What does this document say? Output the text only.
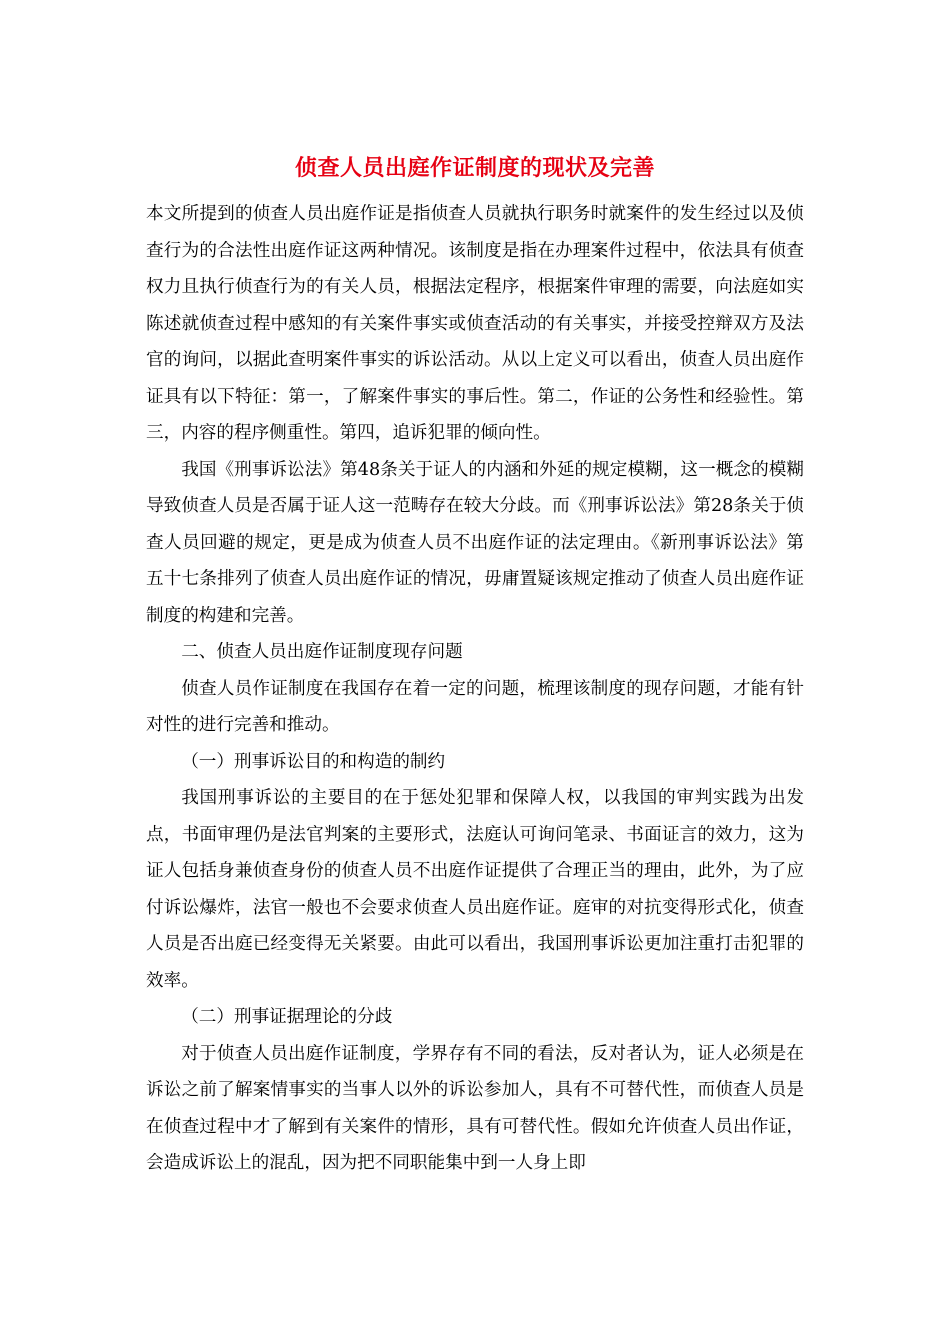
侦查人员出庭作证制度的现状及完善

本文所提到的侦查人员出庭作证是指侦查人员就执行职务时就案件的发生经过以及侦查行为的合法性出庭作证这两种情况。该制度是指在办理案件过程中，依法具有侦查权力且执行侦查行为的有关人员，根据法定程序，根据案件审理的需要，向法庭如实陈述就侦查过程中感知的有关案件事实或侦查活动的有关事实，并接受控辩双方及法官的询问，以据此查明案件事实的诉讼活动。从以上定义可以看出，侦查人员出庭作证具有以下特征：第一，了解案件事实的事后性。第二，作证的公务性和经验性。第三，内容的程序侧重性。第四，追诉犯罪的倾向性。

我国《刑事诉讼法》第48条关于证人的内涵和外延的规定模糊，这一概念的模糊导致侦查人员是否属于证人这一范畴存在较大分歧。而《刑事诉讼法》第28条关于侦查人员回避的规定，更是成为侦查人员不出庭作证的法定理由。《新刑事诉讼法》第五十七条排列了侦查人员出庭作证的情况，毋庸置疑该规定推动了侦查人员出庭作证制度的构建和完善。

二、侦查人员出庭作证制度现存问题

侦查人员作证制度在我国存在着一定的问题，梳理该制度的现存问题，才能有针对性的进行完善和推动。

（一）刑事诉讼目的和构造的制约

我国刑事诉讼的主要目的在于惩处犯罪和保障人权，以我国的审判实践为出发点，书面审理仍是法官判案的主要形式，法庭认可询问笔录、书面证言的效力，这为证人包括身兼侦查身份的侦查人员不出庭作证提供了合理正当的理由，此外，为了应付诉讼爆炸，法官一般也不会要求侦查人员出庭作证。庭审的对抗变得形式化，侦查人员是否出庭已经变得无关紧要。由此可以看出，我国刑事诉讼更加注重打击犯罪的效率。

（二）刑事证据理论的分歧

对于侦查人员出庭作证制度，学界存有不同的看法，反对者认为，证人必须是在诉讼之前了解案情事实的当事人以外的诉讼参加人，具有不可替代性，而侦查人员是在侦查过程中才了解到有关案件的情形，具有可替代性。假如允许侦查人员出作证，会造成诉讼上的混乱，因为把不同职能集中到一人身上即
